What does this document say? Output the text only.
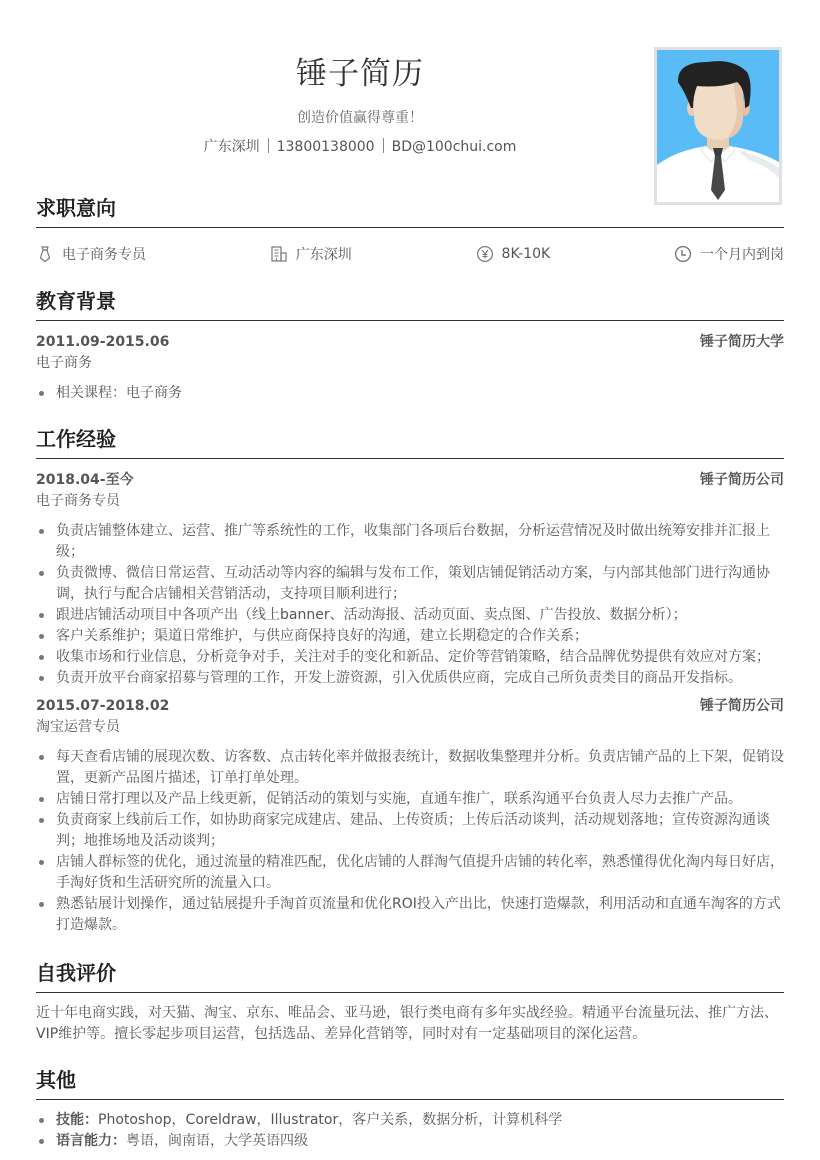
锤子简历
创造价值赢得尊重！
广东深圳 13800138000 BD@100chui.com
求职意向
电子商务专员	广东深圳	8K-10K	一个月内到岗
教育背景
2011.09-2015.06	锤子简历大学
电子商务
相关课程：电子商务
工作经验
2018.04-至今	锤子简历公司
电子商务专员
负责店铺整体建立、运营、推广等系统性的工作，收集部门各项后台数据，分析运营情况及时做出统筹安排并汇报上级；
负责微博、微信日常运营、互动活动等内容的编辑与发布工作，策划店铺促销活动方案，与内部其他部门进行沟通协调，执行与配合店铺相关营销活动，支持项目顺利进行；
跟进店铺活动项目中各项产出（线上banner、活动海报、活动页面、卖点图、广告投放、数据分析）；
客户关系维护；渠道日常维护，与供应商保持良好的沟通，建立长期稳定的合作关系；
收集市场和行业信息，分析竞争对手，关注对手的变化和新品、定价等营销策略，结合品牌优势提供有效应对方案；
负责开放平台商家招募与管理的工作，开发上游资源，引入优质供应商，完成自己所负责类目的商品开发指标。
2015.07-2018.02	锤子简历公司
淘宝运营专员
每天查看店铺的展现次数、访客数、点击转化率并做报表统计，数据收集整理并分析。负责店铺产品的上下架，促销设置，更新产品图片描述，订单打单处理。
店铺日常打理以及产品上线更新，促销活动的策划与实施，直通车推广，联系沟通平台负责人尽力去推广产品。
负责商家上线前后工作，如协助商家完成建店、建品、上传资质；上传后活动谈判，活动规划落地；宣传资源沟通谈判；地推场地及活动谈判；
店铺人群标签的优化，通过流量的精准匹配，优化店铺的人群淘气值提升店铺的转化率，熟悉懂得优化淘内每日好店，手淘好货和生活研究所的流量入口。
熟悉钻展计划操作，通过钻展提升手淘首页流量和优化ROI投入产出比，快速打造爆款，利用活动和直通车淘客的方式打造爆款。
自我评价
近十年电商实践，对天猫、淘宝、京东、唯品会、亚马逊，银行类电商有多年实战经验。精通平台流量玩法、推广方法、VIP维护等。擅长零起步项目运营，包括选品、差异化营销等，同时对有一定基础项目的深化运营。
其他
技能：Photoshop，Coreldraw，Illustrator，客户关系，数据分析，计算机科学
语言能力：粤语，闽南语，大学英语四级
